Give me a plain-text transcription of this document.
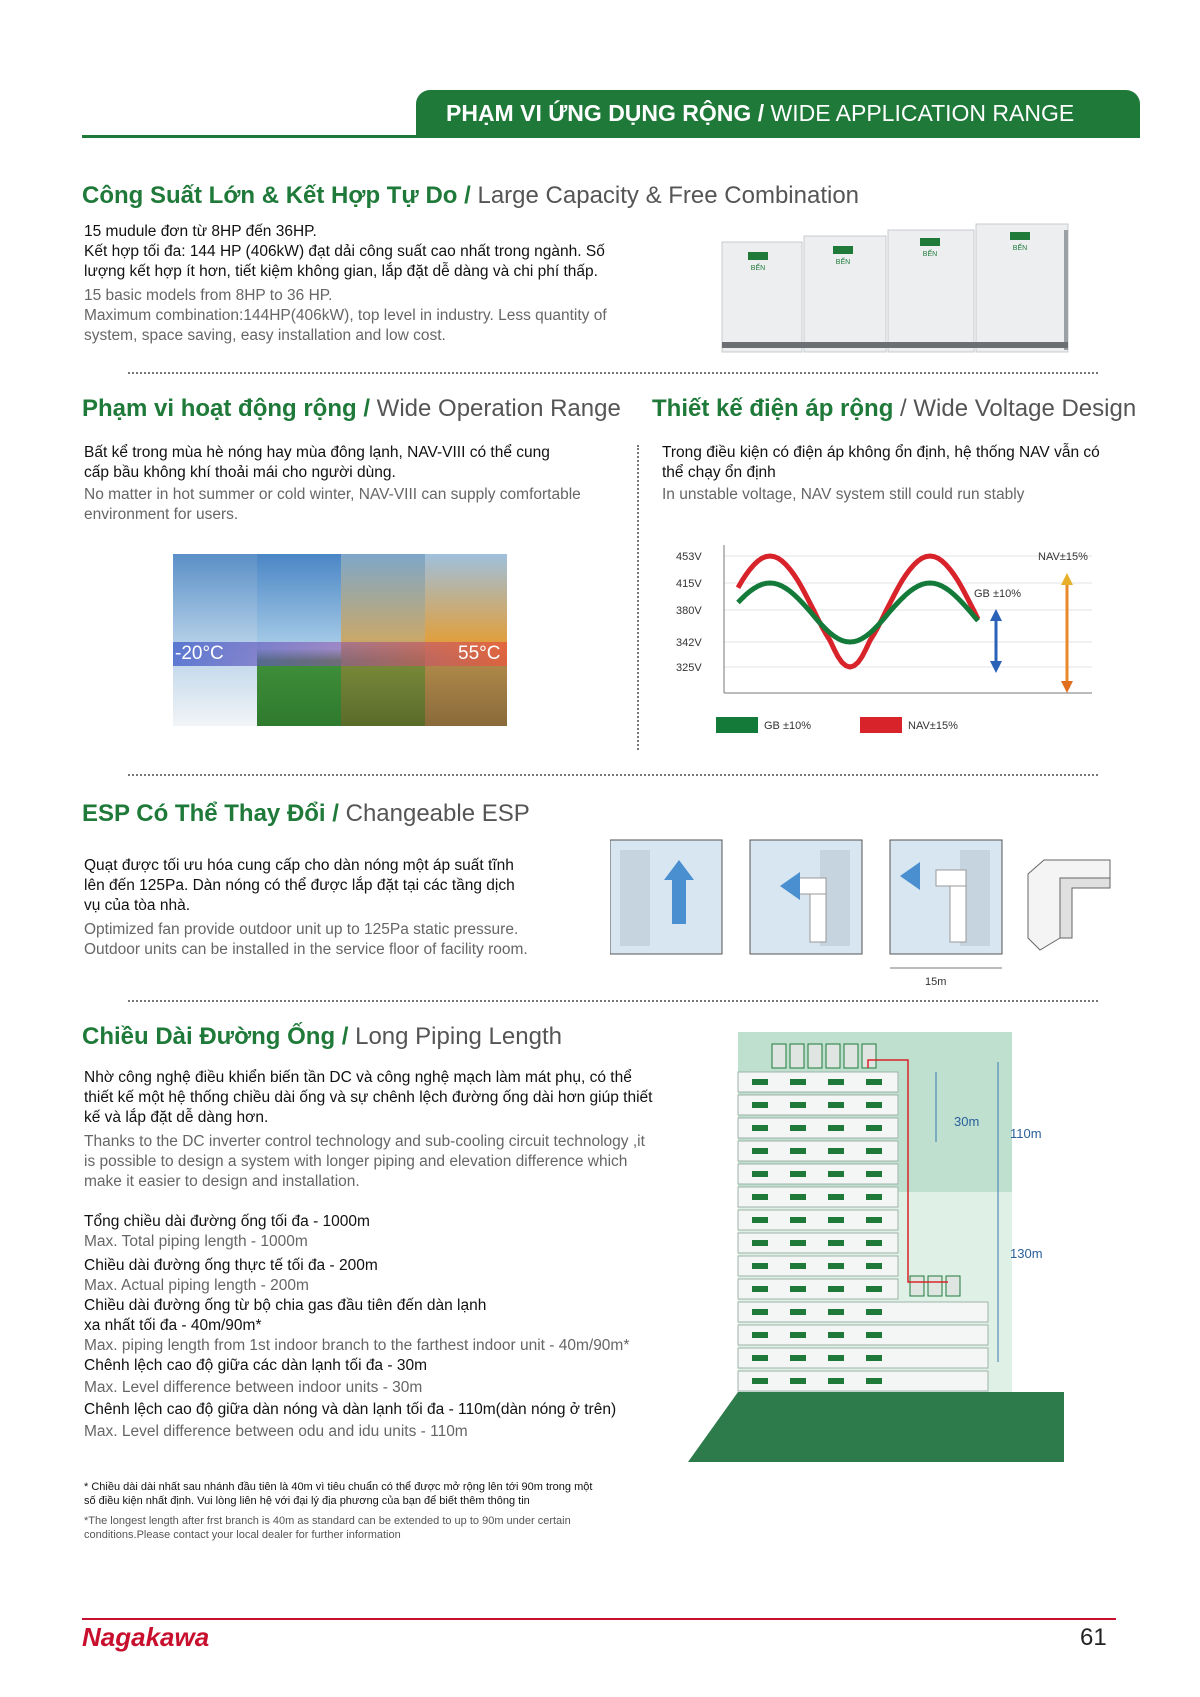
PHẠM VI ỨNG DỤNG RỘNG / WIDE APPLICATION RANGE
Công Suất Lớn & Kết Hợp Tự Do / Large Capacity & Free Combination
15 mudule đơn từ 8HP đến 36HP.
Kết hợp tối đa: 144 HP (406kW) đạt dải công suất cao nhất trong ngành. Số
lượng kết hợp ít hơn, tiết kiệm không gian, lắp đặt dễ dàng và chi phí thấp.
15 basic models from 8HP to 36 HP.
Maximum combination:144HP(406kW), top level in industry. Less quantity of
system, space saving, easy installation and low cost.
BẾN
BẾN
BẾN
BẾN
Phạm vi hoạt động rộng / Wide Operation Range
Bất kể trong mùa hè nóng hay mùa đông lạnh, NAV-VIII có thể cung
cấp bầu không khí thoải mái cho người dùng.
No matter in hot summer or cold winter, NAV-VIII can supply comfortable
environment for users.
-20°C	55°C
Thiết kế điện áp rộng / Wide Voltage Design
Trong điều kiện có điện áp không ổn định, hệ thống NAV vẫn có
thể chạy ổn định
In unstable voltage, NAV system still could run stably
453V
415V
380V
342V
325V
GB ±10%
NAV±15%
GB ±10%	NAV±15%
ESP Có Thể Thay Đổi / Changeable ESP
Quạt được tối ưu hóa cung cấp cho dàn nóng một áp suất tĩnh
lên đến 125Pa. Dàn nóng có thể được lắp đặt tại các tầng dịch
vụ của tòa nhà.
Optimized fan provide outdoor unit up to 125Pa static pressure.
Outdoor units can be installed in the service floor of facility room.
15m
Chiều Dài Đường Ống / Long Piping Length
Nhờ công nghệ điều khiển biến tần DC và công nghệ mạch làm mát phụ, có thể
thiết kế một hệ thống chiều dài ống và sự chênh lệch đường ống dài hơn giúp thiết
kế và lắp đặt dễ dàng hơn.
Thanks to the DC inverter control technology and sub-cooling circuit technology ,it
is possible to design a system with longer piping and elevation difference which
make it easier to design and installation.
Tổng chiều dài đường ống tối đa - 1000m
Max. Total piping length - 1000m
Chiều dài đường ống thực tế tối đa - 200m
Max. Actual piping length - 200m
Chiều dài đường ống từ bộ chia gas đầu tiên đến dàn lạnh xa nhất tối đa - 40m/90m*
Max. piping length from 1st indoor branch to the farthest indoor unit - 40m/90m*
Chênh lệch cao độ giữa các dàn lạnh tối đa - 30m
Max. Level difference between indoor units - 30m
Chênh lệch cao độ giữa dàn nóng và dàn lạnh tối đa - 110m(dàn nóng ở trên)
Max. Level difference between odu and idu units - 110m
* Chiều dài dài nhất sau nhánh đầu tiên là 40m vì tiêu chuẩn có thể được mở rộng lên tới 90m trong một
số điều kiện nhất định. Vui lòng liên hệ với đại lý địa phương của bạn để biết thêm thông tin
*The longest length after frst branch is 40m as standard can be extended to up to 90m under certain
conditions.Please contact your local dealer for further information
30m
110m
130m
Nagakawa	61
